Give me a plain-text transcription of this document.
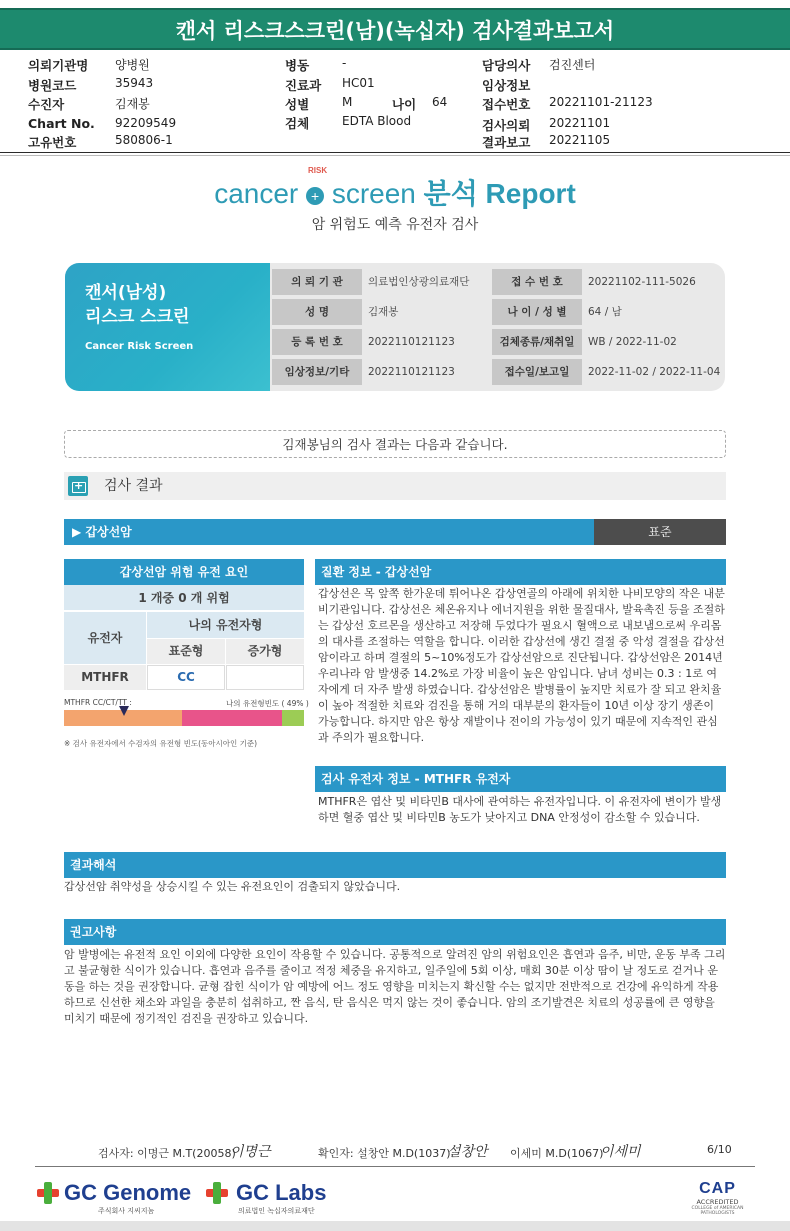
캔서 리스크스크린(남)(녹십자) 검사결과보고서
의뢰기관명 양병원
병원코드	35943
수진자	김재봉
Chart No. 92209549
고유번호	580806-1
병동	-
진료과 HC01
성별	M	나이 64
검체	EDTA Blood
담당의사 검진센터
임상정보
접수번호 20221101-21123
검사의뢰 20221101
결과보고 20221105
cancer + screen 분석 Report
RISK
암 위험도 예측 유전자 검사
캔서(남성)
리스크 스크린
Cancer Risk Screen
의 뢰 기 관	의료법인상광의료재단	접 수 번 호	20221102-111-5026
성 명	김재봉	나 이 / 성 별	64 / 남
등 록 번 호	2022110121123	검체종류/채취일	WB / 2022-11-02
임상정보/기타	2022110121123	접수일/보고일	2022-11-02 / 2022-11-04
김재봉님의 검사 결과는 다음과 같습니다.
+
검사 결과
▶ 갑상선암	표준
갑상선암 위험 유전 요인
1 개중 0 개 위험
유전자
나의 유전자형
표준형	증가형
MTHFR	CC
MTHFR CC/CT/TT :	나의 유전형빈도 ( 49% )
※ 검사 유전자에서 수검자의 유전형 빈도(동아시아인 기준)
질환 정보 - 갑상선암
갑상선은 목 앞쪽 한가운데 튀어나온 갑상연골의 아래에 위치한 나비모양의 작은 내분비기관입니다. 갑상선은 체온유지나 에너지원을 위한 물질대사, 발육촉진 등을 조절하는 갑상선 호르몬을 생산하고 저장해 두었다가 필요시 혈액으로 내보냄으로써 우리몸의 대사를 조절하는 역할을 합니다. 이러한 갑상선에 생긴 결절 중 악성 결절을 갑상선암이라고 하며 결절의 5~10%정도가 갑상선암으로 진단됩니다. 갑상선암은 2014년 우리나라 암 발생중 14.2%로 가장 비율이 높은 암입니다. 남녀 성비는 0.3 : 1로 여자에게 더 자주 발생 하였습니다. 갑상선암은 발병률이 높지만 치료가 잘 되고 완치율이 높아 적절한 치료와 검진을 통해 거의 대부분의 환자들이 10년 이상 장기 생존이 가능합니다. 하지만 암은 항상 재발이나 전이의 가능성이 있기 때문에 지속적인 관심과 주의가 필요합니다.
검사 유전자 정보 - MTHFR 유전자
MTHFR은 엽산 및 비타민B 대사에 관여하는 유전자입니다. 이 유전자에 변이가 발생하면 혈중 엽산 및 비타민B 농도가 낮아지고 DNA 안정성이 감소할 수 있습니다.
결과해석
갑상선암 취약성을 상승시킬 수 있는 유전요인이 검출되지 않았습니다.
권고사항
암 발병에는 유전적 요인 이외에 다양한 요인이 작용할 수 있습니다. 공통적으로 알려진 암의 위험요인은 흡연과 음주, 비만, 운동 부족 그리고 불균형한 식이가 있습니다. 흡연과 음주를 줄이고 적정 체중을 유지하고, 일주일에 5회 이상, 매회 30분 이상 땀이 날 정도로 걷거나 운동을 하는 것을 권장합니다. 균형 잡힌 식이가 암 예방에 어느 정도 영향을 미치는지 확신할 수는 없지만 전반적으로 건강에 유익하게 작용하므로 신선한 채소와 과일을 충분히 섭취하고, 짠 음식, 탄 음식은 먹지 않는 것이 좋습니다. 암의 조기발견은 치료의 성공률에 큰 영향을 미치기 때문에 정기적인 검진을 권장하고 있습니다.
검사자: 이명근 M.T(20058)
이명근	확인자: 설창안 M.D(1037)
설창안 이세미 M.D(1067)
이세미	6/10
GC Genome
주식회사 지씨지놈
GC Labs
의료법인 녹십자의료재단
CAP
ACCREDITED
COLLEGE of AMERICAN PATHOLOGISTS
